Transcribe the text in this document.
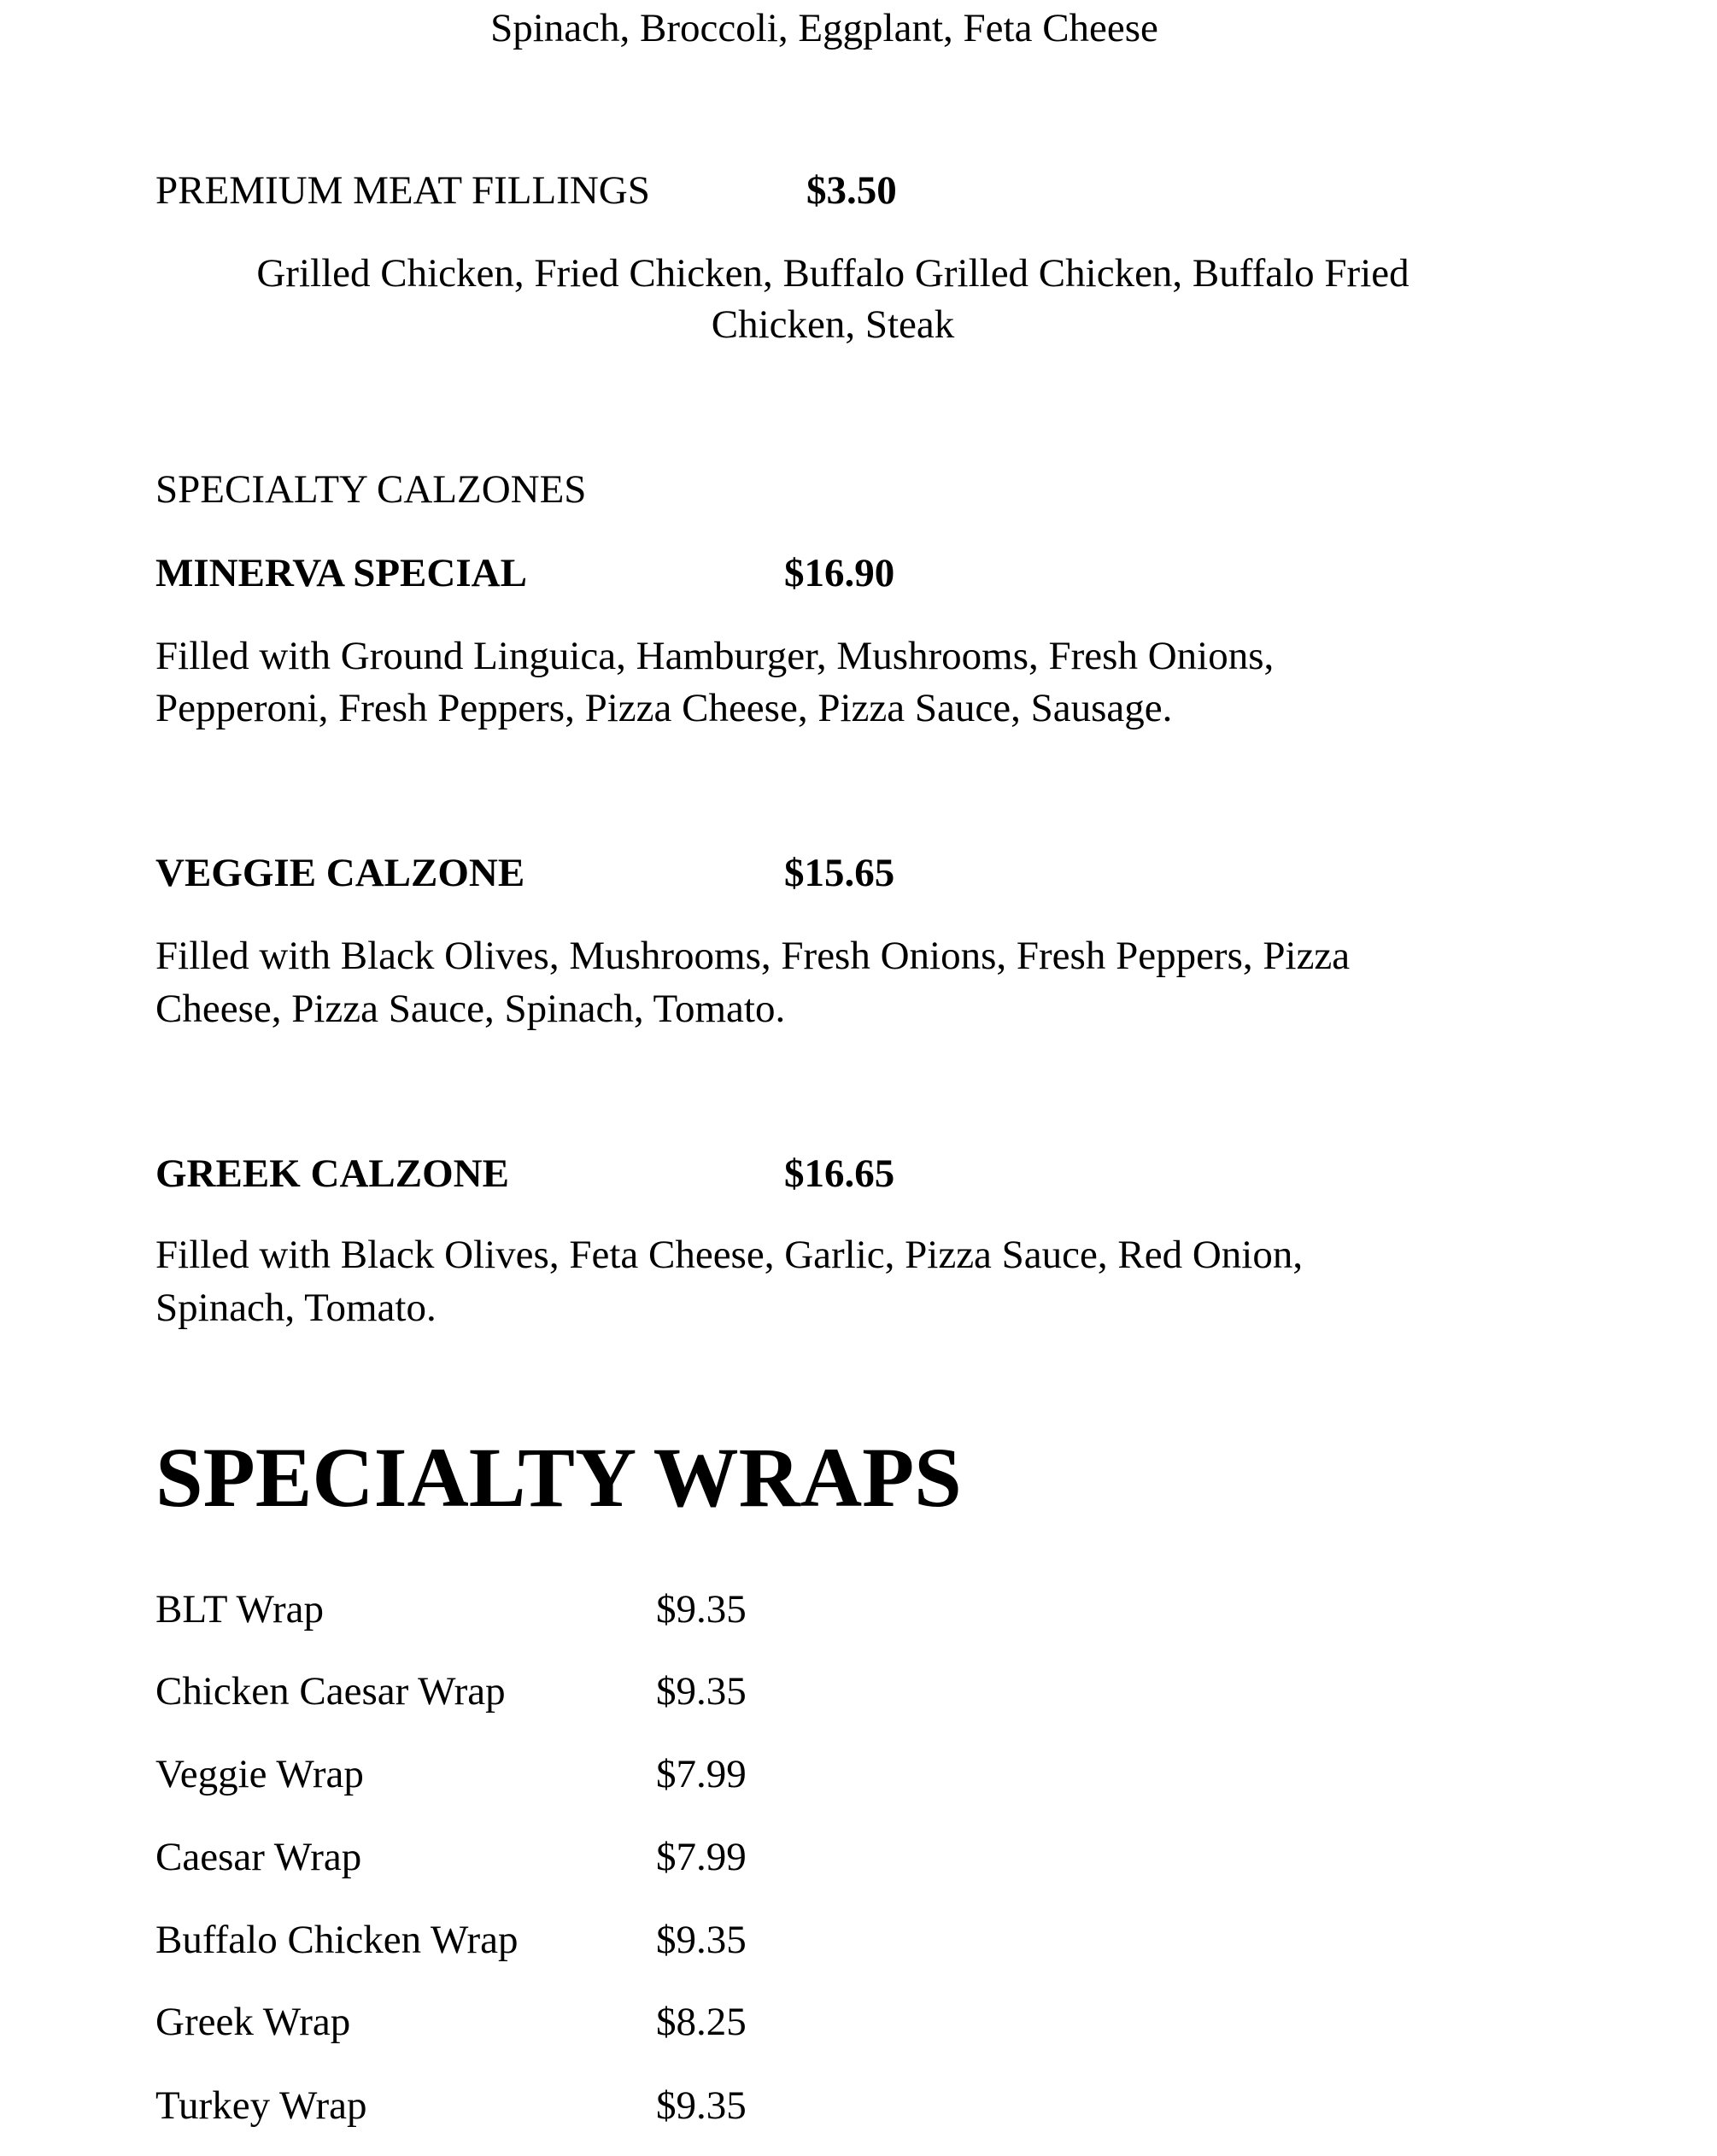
Spinach, Broccoli, Eggplant, Feta Cheese

PREMIUM MEAT FILLINGS	$3.50

Grilled Chicken, Fried Chicken, Buffalo Grilled Chicken, Buffalo Fried

Chicken, Steak

SPECIALTY CALZONES

MINERVA SPECIAL	$16.90

Filled with Ground Linguica, Hamburger, Mushrooms, Fresh Onions,

Pepperoni, Fresh Peppers, Pizza Cheese, Pizza Sauce, Sausage.

VEGGIE CALZONE	$15.65

Filled with Black Olives, Mushrooms, Fresh Onions, Fresh Peppers, Pizza

Cheese, Pizza Sauce, Spinach, Tomato.

GREEK CALZONE	$16.65

Filled with Black Olives, Feta Cheese, Garlic, Pizza Sauce, Red Onion,

Spinach, Tomato.

SPECIALTY WRAPS

BLT Wrap	$9.35

Chicken Caesar Wrap	$9.35

Veggie Wrap	$7.99

Caesar Wrap	$7.99

Buffalo Chicken Wrap	$9.35

Greek Wrap	$8.25

Turkey Wrap	$9.35
